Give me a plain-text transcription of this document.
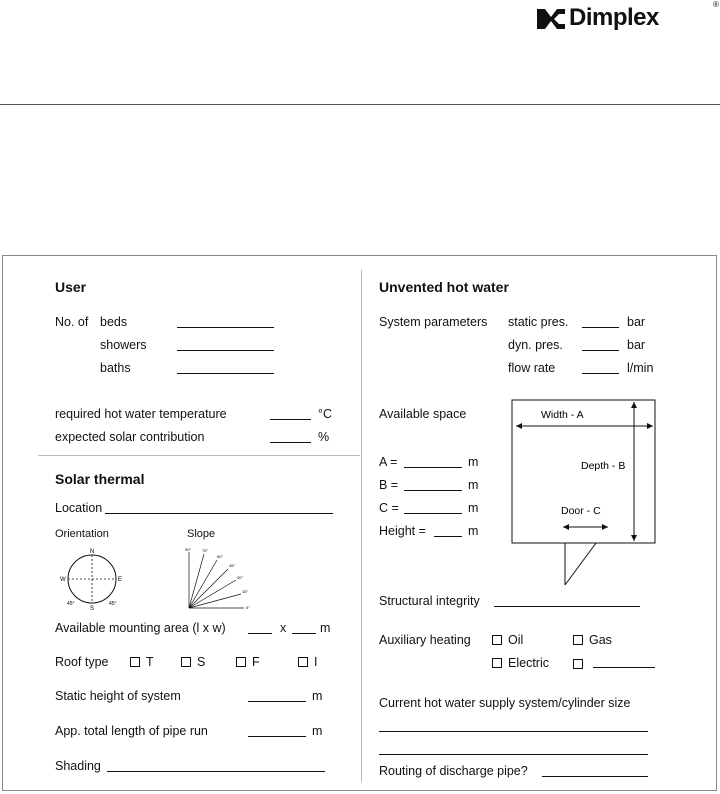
Dimplex	®
User
No. of beds
showers
baths
required hot water temperature	°C
expected solar contribution	%
Solar thermal
Location
Orientation	Slope
N
S
E
W
45°
45°
90°	75°
60°
45°
30°
15°
0°
Available mounting area (l x w)	x	m
Roof type	T	S	F	I
Static height of system	m
App. total length of pipe run	m
Shading
Unvented hot water
System parameters static pres.	bar
dyn. pres.	bar
flow rate	l/min
Available space
A =	m
B =	m
C =	m
Height =	m
Width - A
Depth - B
Door - C
Structural integrity
Auxiliary heating	Oil	Gas
Electric
Current hot water supply system/cylinder size
Routing of discharge pipe?
